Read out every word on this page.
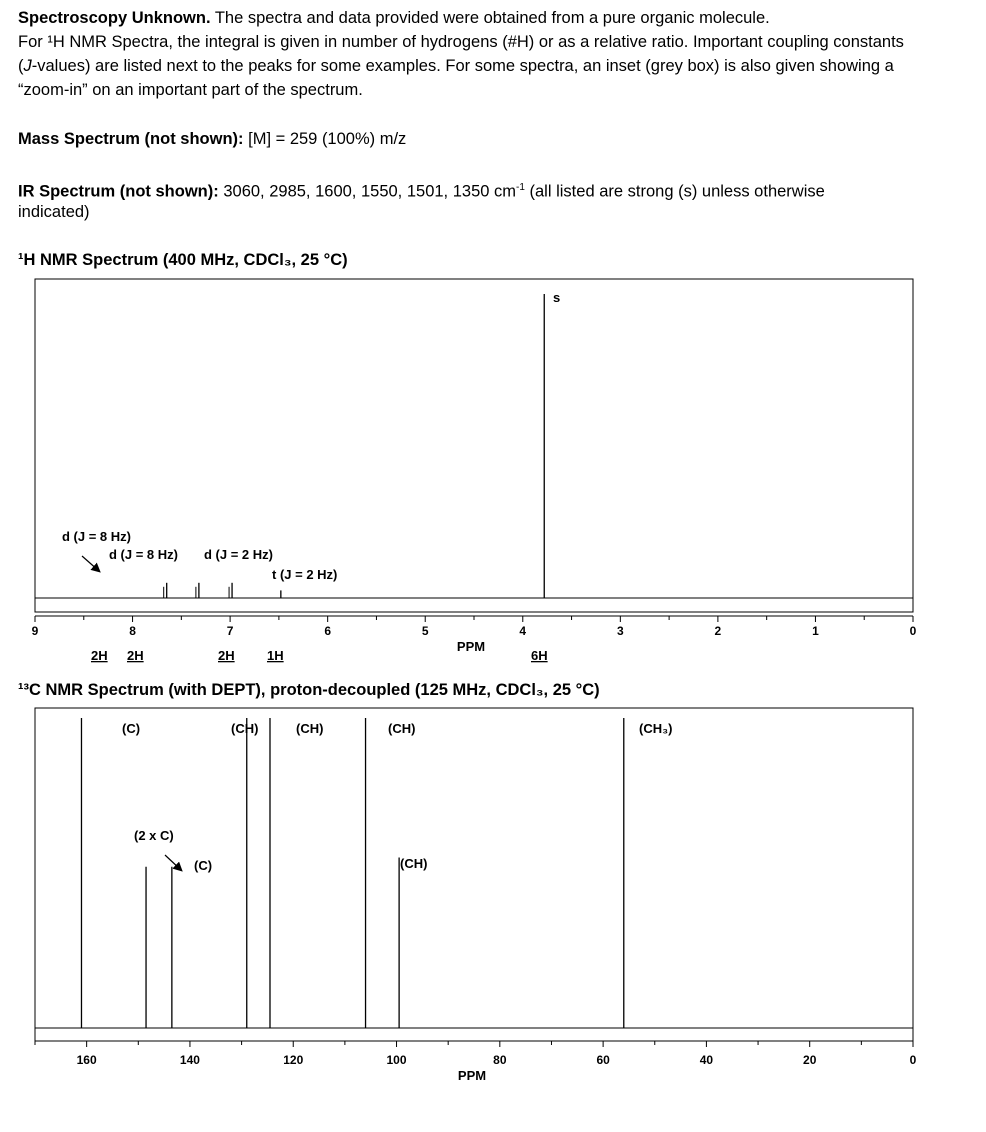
Spectroscopy Unknown. The spectra and data provided were obtained from a pure organic molecule.
For ¹H NMR Spectra, the integral is given in number of hydrogens (#H) or as a relative ratio. Important coupling constants
(J-values) are listed next to the peaks for some examples. For some spectra, an inset (grey box) is also given showing a
“zoom-in” on an important part of the spectrum.
Mass Spectrum (not shown): [M] = 259 (100%) m/z
IR Spectrum (not shown): 3060, 2985, 1600, 1550, 1501, 1350 $cm^{-1}$ (all listed are strong (s) unless otherwise
indicated)
¹H NMR Spectrum (400 MHz, CDCl₃, 25 °C)
¹³C NMR Spectrum (with DEPT), proton-decoupled (125 MHz, CDCl₃, 25 °C)
9	8	7	6	5	4	3	2	1	0
PPM
d (J = 8 Hz)
d (J = 8 Hz) d (J = 2 Hz)
t (J = 2 Hz)
s
2H 2H	2H 1H	6H
160	140	120	100	80	60	40	20	0
PPM
(C)
(2 x C)
(C)
(CH)	(CH)	(CH)
(CH)
(CH₃)
